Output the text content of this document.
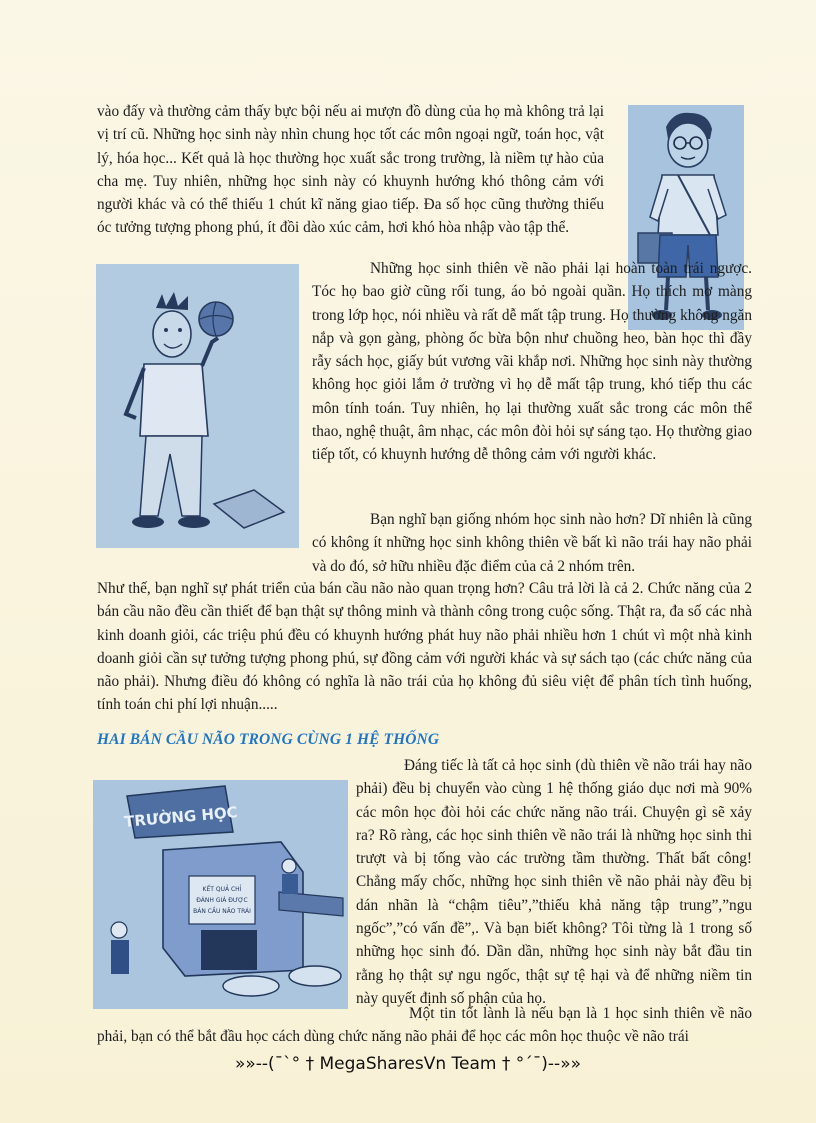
vào đấy và thường cảm thấy bực bội nếu ai mượn đồ dùng của họ mà không trả lại vị trí cũ. Những học sinh này nhìn chung học tốt các môn ngoại ngữ, toán học, vật lý, hóa học... Kết quả là học thường học xuất sắc trong trường, là niềm tự hào của cha mẹ. Tuy nhiên, những học sinh này có khuynh hướng khó thông cảm với người khác và có thể thiếu 1 chút kĩ năng giao tiếp. Đa số học cũng thường thiếu óc tưởng tượng phong phú, ít đồi dào xúc cảm, hơi khó hòa nhập vào tập thể.

Những học sinh thiên về não phải lại hoàn toàn trái ngược. Tóc họ bao giờ cũng rối tung, áo bỏ ngoài quần. Họ thích mơ màng trong lớp học, nói nhiều và rất dễ mất tập trung. Họ thường không ngăn nắp và gọn gàng, phòng ốc bừa bộn như chuồng heo, bàn học thì đầy rẫy sách học, giấy bút vương vãi khắp nơi. Những học sinh này thường không học giỏi lắm ở trường vì họ dễ mất tập trung, khó tiếp thu các môn tính toán. Tuy nhiên, họ lại thường xuất sắc trong các môn thể thao, nghệ thuật, âm nhạc, các môn đòi hỏi sự sáng tạo. Họ thường giao tiếp tốt, có khuynh hướng dễ thông cảm với người khác.

Bạn nghĩ bạn giống nhóm học sinh nào hơn? Dĩ nhiên là cũng có không ít những học sinh không thiên về bất kì não trái hay não phải và do đó, sở hữu nhiều đặc điểm của cả 2 nhóm trên.

Như thế, bạn nghĩ sự phát triển của bán cầu não nào quan trọng hơn? Câu trả lời là cả 2. Chức năng của 2 bán cầu não đều cần thiết để bạn thật sự thông minh và thành công trong cuộc sống. Thật ra, đa số các nhà kinh doanh giỏi, các triệu phú đều có khuynh hướng phát huy não phải nhiều hơn 1 chút vì một nhà kinh doanh giỏi cần sự tưởng tượng phong phú, sự đồng cảm với người khác và sự sách tạo (các chức năng của não phải). Nhưng điều đó không có nghĩa là não trái của họ không đủ siêu việt để phân tích tình huống, tính toán chi phí lợi nhuận.....

HAI BÁN CẦU NÃO TRONG CÙNG 1 HỆ THỐNG
TRƯỜNG HỌC
KẾT QUẢ CHỈ
ĐÁNH GIÁ ĐƯỢC
BÁN CẦU NÃO TRÁI
PHẢI

Đáng tiếc là tất cả học sinh (dù thiên về não trái hay não phải) đều bị chuyển vào cùng 1 hệ thống giáo dục nơi mà 90% các môn học đòi hỏi các chức năng não trái. Chuyện gì sẽ xảy ra? Rõ ràng, các học sinh thiên về não trái là những học sinh thi trượt và bị tống vào các trường tầm thường. Thất bất công! Chẳng mấy chốc, những học sinh thiên về não phải này đều bị dán nhãn là “chậm tiêu”,”thiếu khả năng tập trung”,”ngu ngốc”,”có vấn đề”,. Và bạn biết không? Tôi từng là 1 trong số những học sinh đó. Dần dần, những học sinh này bắt đầu tin rằng họ thật sự ngu ngốc, thật sự tệ hại và để những niềm tin này quyết định số phận của họ.

Một tin tốt lành là nếu bạn là 1 học sinh thiên về não phải, bạn có thể bắt đầu học cách dùng chức năng não phải để học các môn học thuộc về não trái

»»--(¯`° † MegaSharesVn Team † °´¯)--»»
